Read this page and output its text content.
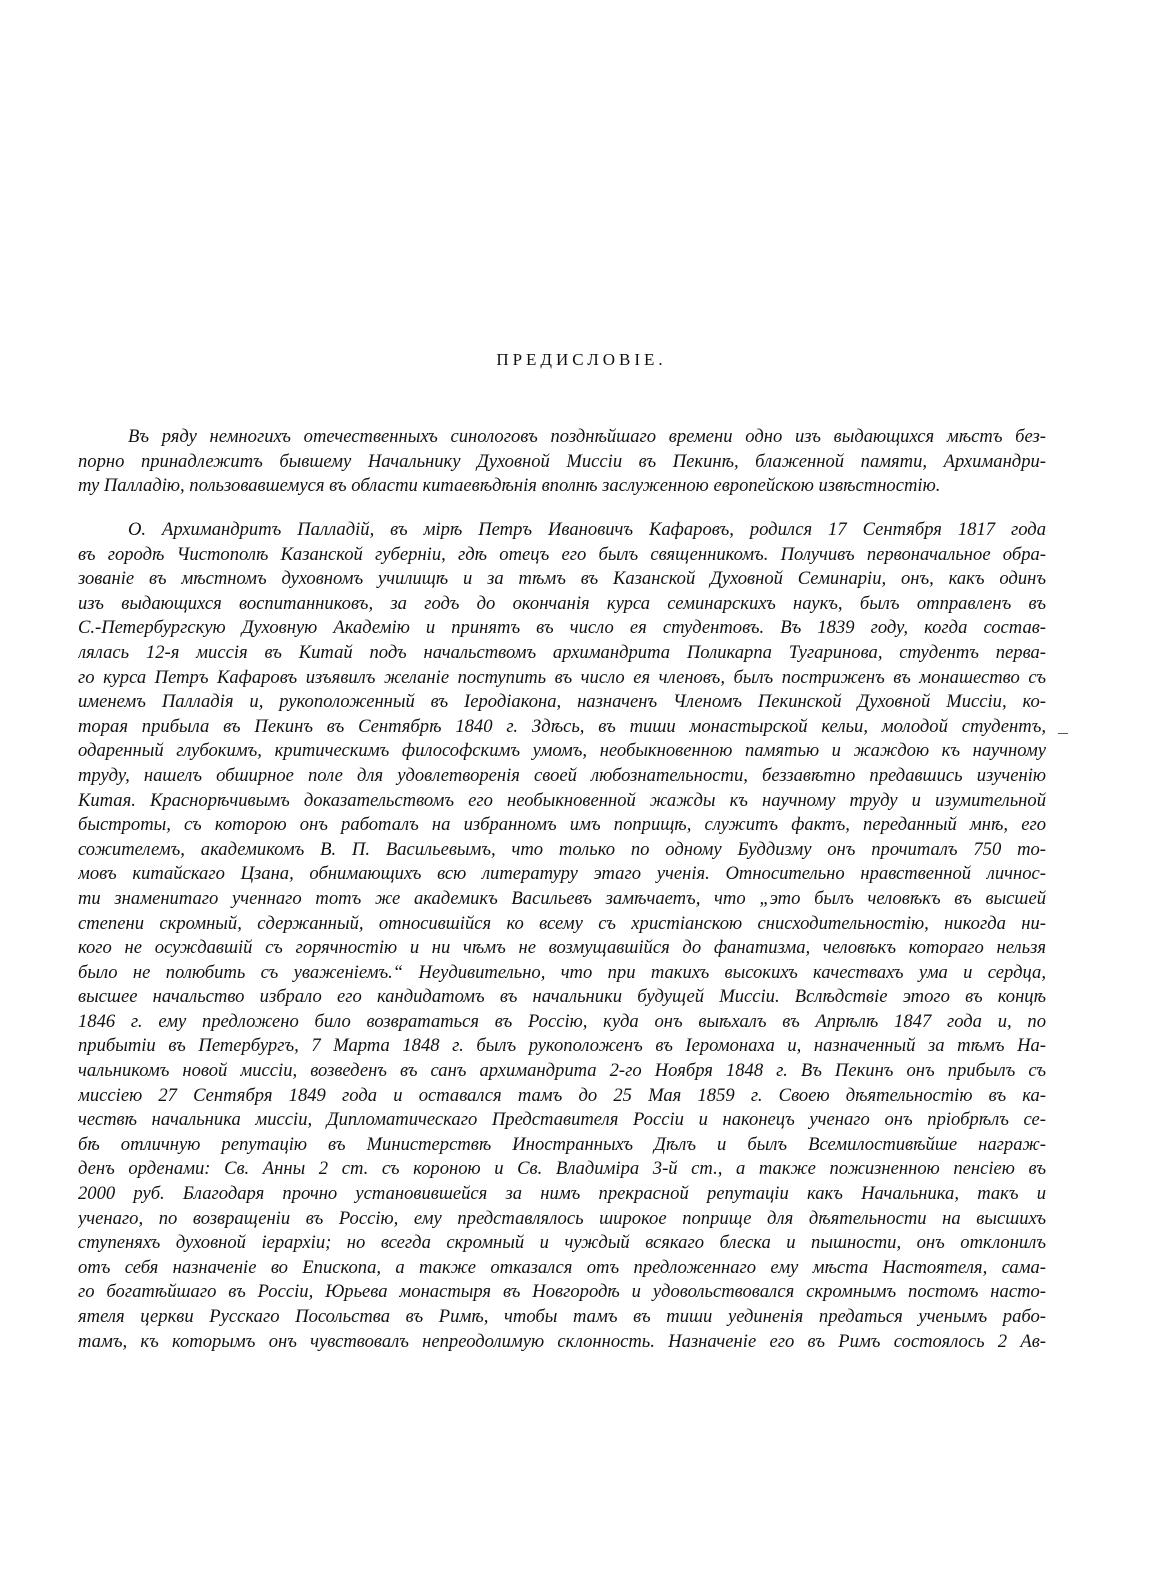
ПРЕДИСЛОВIЕ.
Въ ряду немногихъ отечественныхъ синологовъ позднѣйшаго времени одно изъ выдающихся мѣстъ без-
порно принадлежитъ бывшему Начальнику Духовной Миссiи въ Пекинѣ, блаженной памяти, Архимандри-
ту Палладiю, пользовавшемуся въ области китаевѣдѣнiя вполнѣ заслуженною европейскою извѣстностiю.
О. Архимандритъ Палладiй, въ мiрѣ Петръ Ивановичъ Кафаровъ, родился 17 Сентября 1817 года
въ городѣ Чистополѣ Казанской губернiи, гдѣ отецъ его былъ священникомъ. Получивъ первоначальное обра-
зованiе въ мѣстномъ духовномъ училищѣ и за тѣмъ въ Казанской Духовной Семинарiи, онъ, какъ одинъ
изъ выдающихся воспитанниковъ, за годъ до окончанiя курса семинарскихъ наукъ, былъ отправленъ въ
С.-Петербургскую Духовную Академiю и принятъ въ число ея студентовъ. Въ 1839 году, когда состав-
лялась 12-я миссiя въ Китай подъ начальствомъ архимандрита Поликарпа Тугаринова, студентъ перва-
го курса Петръ Кафаровъ изъявилъ желанiе поступить въ число ея членовъ, былъ постриженъ въ монашество съ
именемъ Палладiя и, рукоположенный въ Iеродiакона, назначенъ Членомъ Пекинской Духовной Миссiи, ко-
торая прибыла въ Пекинъ въ Сентябрѣ 1840 г. Здѣсь, въ тиши монастырской кельи, молодой студентъ,
одаренный глубокимъ, критическимъ философскимъ умомъ, необыкновенною памятью и жаждою къ научному
труду, нашелъ обширное поле для удовлетворенiя своей любознательности, беззавѣтно предавшись изученiю
Китая. Краснорѣчивымъ доказательствомъ его необыкновенной жажды къ научному труду и изумительной
быстроты, съ которою онъ работалъ на избранномъ имъ поприщѣ, служитъ фактъ, переданный мнѣ, его
сожителемъ, академикомъ В. П. Васильевымъ, что только по одному Буддизму онъ прочиталъ 750 то-
мовъ китайскаго Цзана, обнимающихъ всю литературу этаго ученiя. Относительно нравственной личнос-
ти знаменитаго ученнаго тотъ же академикъ Васильевъ замѣчаетъ, что „это былъ человѣкъ въ высшей
степени скромный, сдержанный, относившiйся ко всему съ христiанскою снисходительностiю, никогда ни-
кого не осуждавшiй съ горячностiю и ни чѣмъ не возмущавшiйся до фанатизма, человѣкъ котораго нельзя
было не полюбить съ уваженiемъ.“ Неудивительно, что при такихъ высокихъ качествахъ ума и сердца,
высшее начальство избрало его кандидатомъ въ начальники будущей Миссiи. Вслѣдствiе этого въ концѣ
1846 г. ему предложено било возврататься въ Россiю, куда онъ выѣхалъ въ Апрѣлѣ 1847 года и, по
прибытiи въ Петербургъ, 7 Марта 1848 г. былъ рукоположенъ въ Iеромонаха и, назначенный за тѣмъ На-
чальникомъ новой миссiи, возведенъ въ санъ архимандрита 2-го Ноября 1848 г. Въ Пекинъ онъ прибылъ съ
миссiею 27 Сентября 1849 года и оставался тамъ до 25 Мая 1859 г. Своею дѣятельностiю въ ка-
чествѣ начальника миссiи, Дипломатическаго Представителя Россiи и наконецъ ученаго онъ прiобрѣлъ се-
бѣ отличную репутацiю въ Министерствѣ Иностранныхъ Дѣлъ и былъ Всемилостивѣйше награж-
денъ орденами: Св. Анны 2 ст. съ короною и Св. Владимiра 3-й ст., а также пожизненною пенсiею въ
2000 руб. Благодаря прочно установившейся за нимъ прекрасной репутацiи какъ Начальника, такъ и
ученаго, по возвращенiи въ Россiю, ему представлялось широкое поприще для дѣятельности на высшихъ
ступеняхъ духовной iерархiи; но всегда скромный и чуждый всякаго блеска и пышности, онъ отклонилъ
отъ себя назначенiе во Епископа, а также отказался отъ предложеннаго ему мѣста Настоятеля, сама-
го богатѣйшаго въ Россiи, Юрьева монастыря въ Новгородѣ и удовольствовался скромнымъ постомъ насто-
ятеля церкви Русскаго Посольства въ Римѣ, чтобы тамъ въ тиши уединенiя предаться ученымъ рабо-
тамъ, къ которымъ онъ чувствовалъ непреодолимую склонность. Назначенiе его въ Римъ состоялось 2 Ав-
